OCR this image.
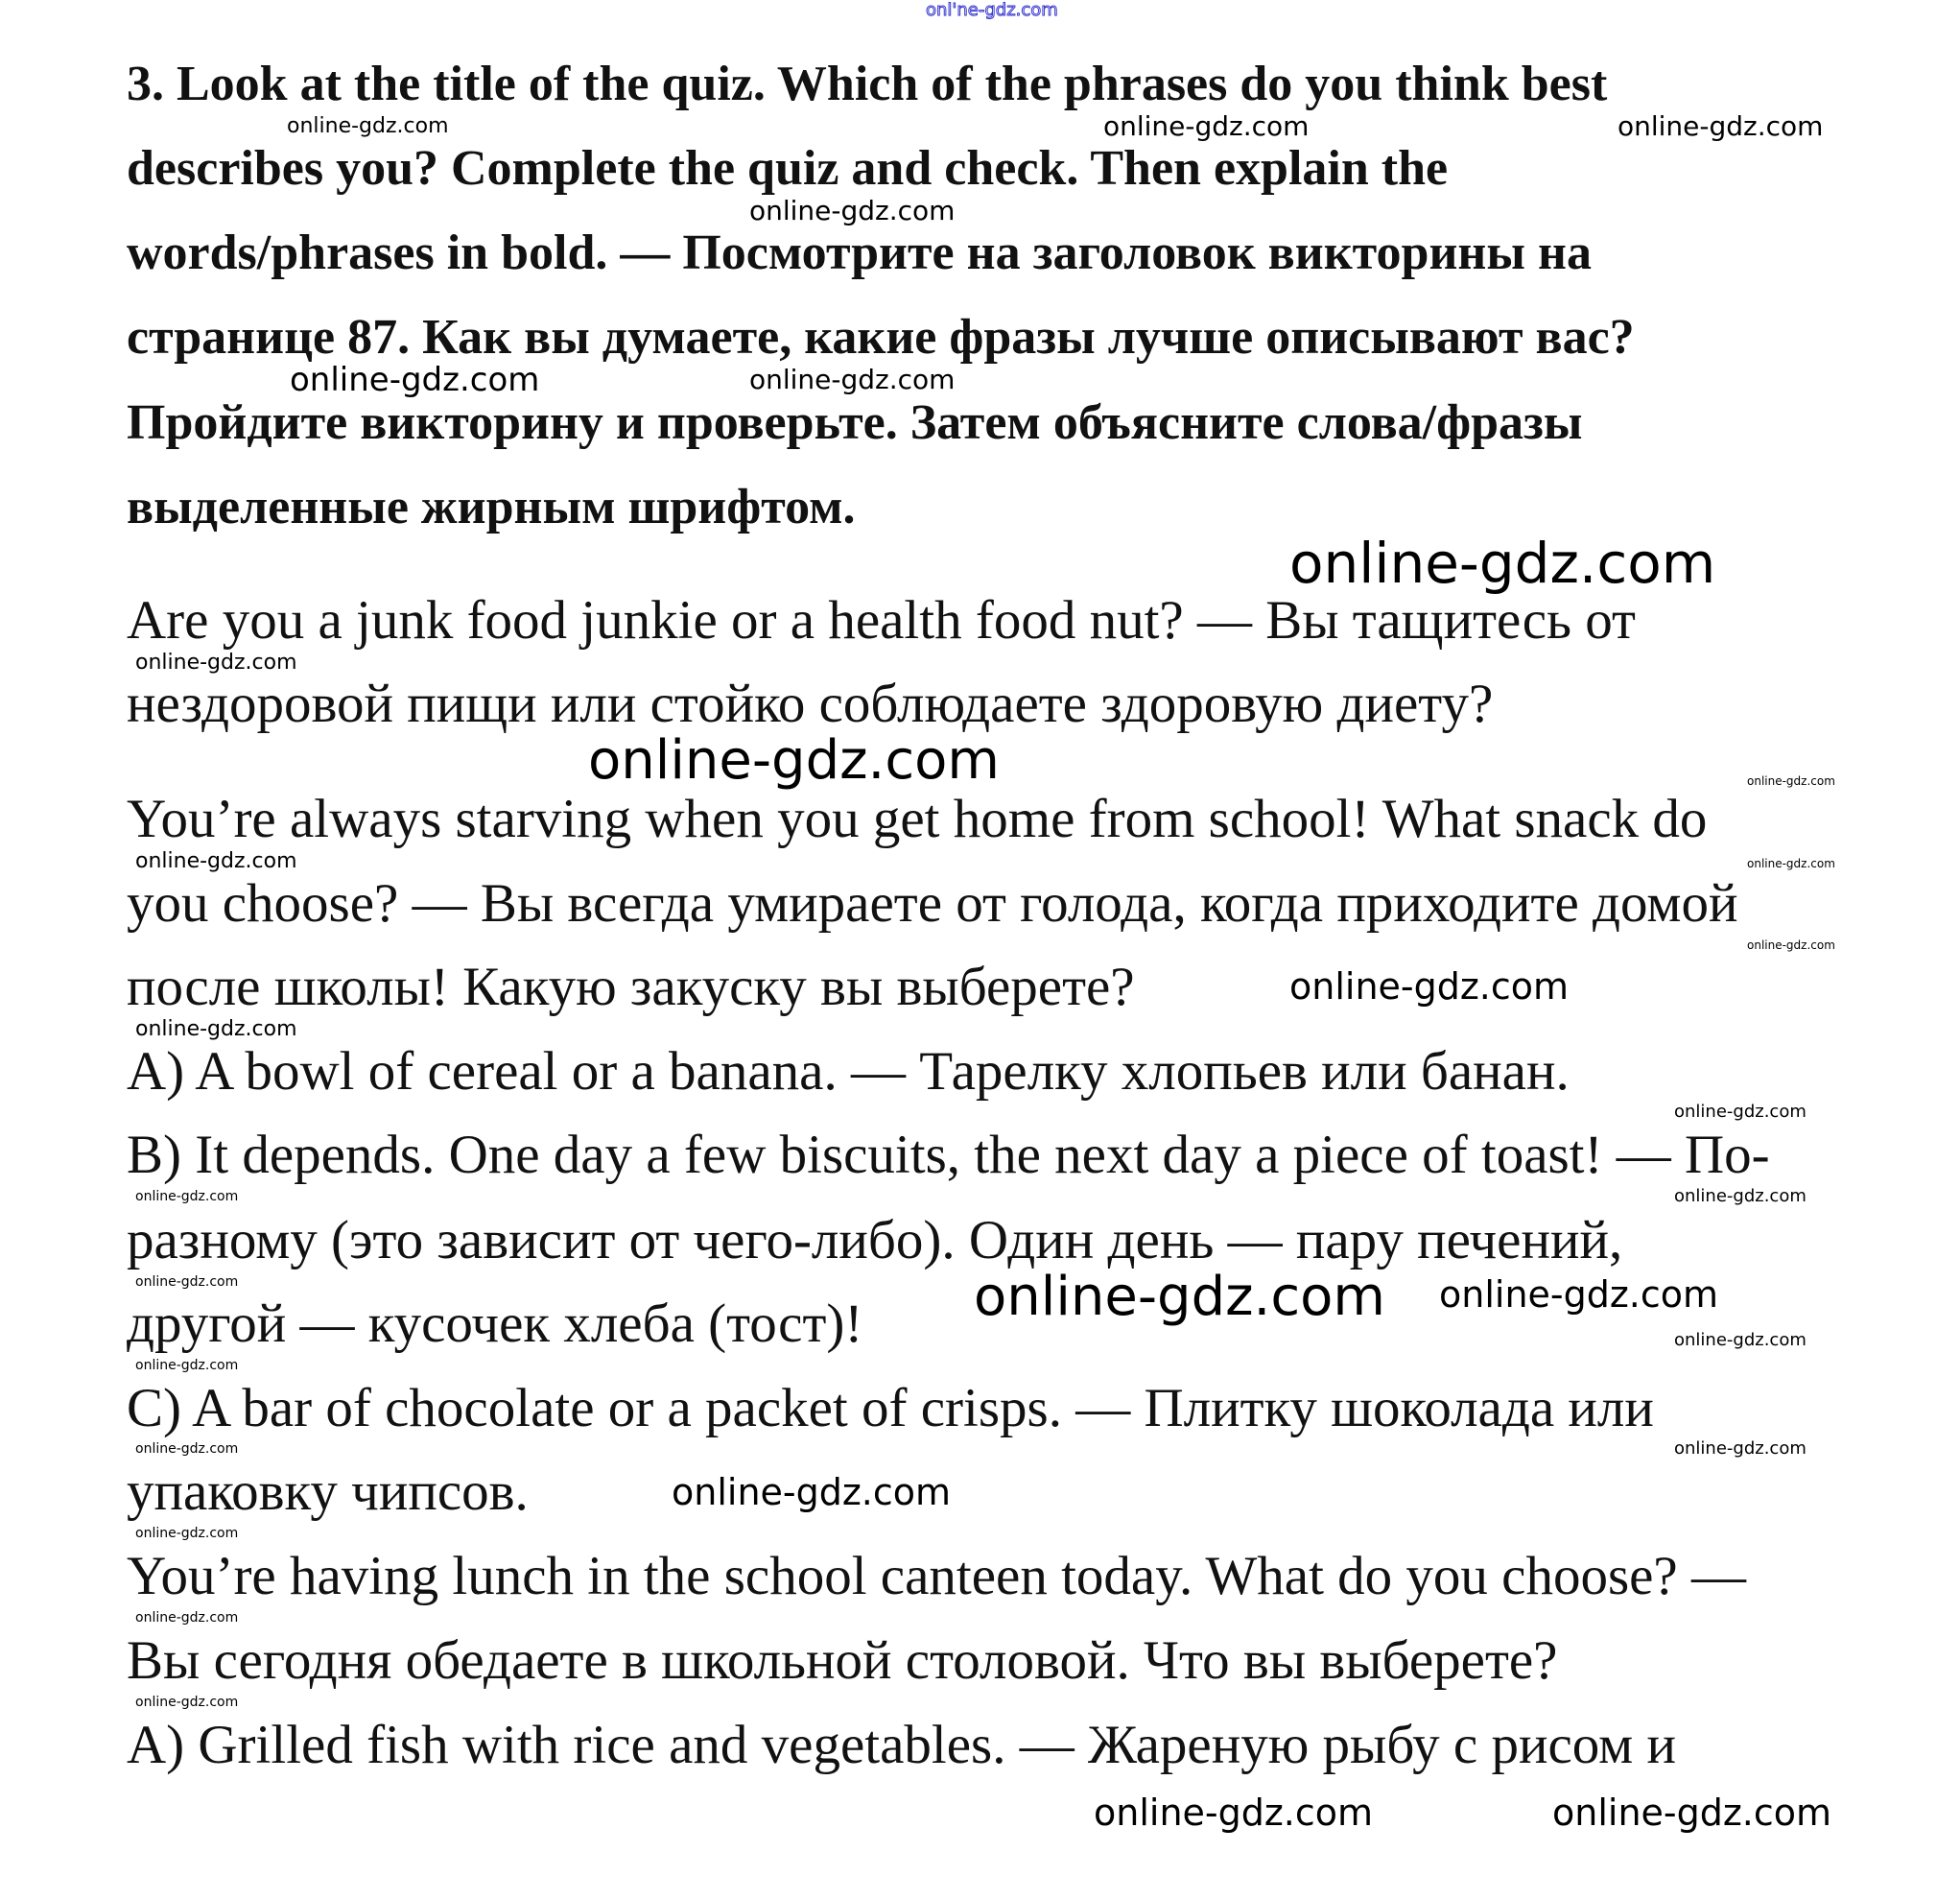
3. Look at the title of the quiz. Which of the phrases do you think best
describes you? Complete the quiz and check. Then explain the
words/phrases in bold. — Посмотрите на заголовок викторины на
странице 87. Как вы думаете, какие фразы лучше описывают вас?
Пройдите викторину и проверьте. Затем объясните слова/фразы
выделенные жирным шрифтом.
Are you a junk food junkie or a health food nut? — Вы тащитесь от
нездоровой пищи или стойко соблюдаете здоровую диету?
You’re always starving when you get home from school! What snack do
you choose? — Вы всегда умираете от голода, когда приходите домой
после школы! Какую закуску вы выберете?
A) A bowl of cereal or a banana. — Тарелку хлопьев или банан.
B) It depends. One day a few biscuits, the next day a piece of toast! — По-
разному (это зависит от чего-либо). Один день — пару печений,
другой — кусочек хлеба (тост)!
C) A bar of chocolate or a packet of crisps. — Плитку шоколада или
упаковку чипсов.
You’re having lunch in the school canteen today. What do you choose? —
Вы сегодня обедаете в школьной столовой. Что вы выберете?
A) Grilled fish with rice and vegetables. — Жареную рыбу с рисом и
onl'ne-gdz.com
online-gdz.com	online-gdz.com	online-gdz.com
online-gdz.com
online-gdz.com	online-gdz.com
online-gdz.com
online-gdz.com
online-gdz.com	online-gdz.com
online-gdz.com
online-gdz.com
online-gdz.com
online-gdz.com
online-gdz.com
online-gdz.com
online-gdz.com
online-gdz.com
online-gdz.com	online-gdz.com
online-gdz.com
online-gdz.com
online-gdz.com
online-gdz.com
online-gdz.com
online-gdz.com
online-gdz.com
online-gdz.com
online-gdz.com
online-gdz.com	online-gdz.com
